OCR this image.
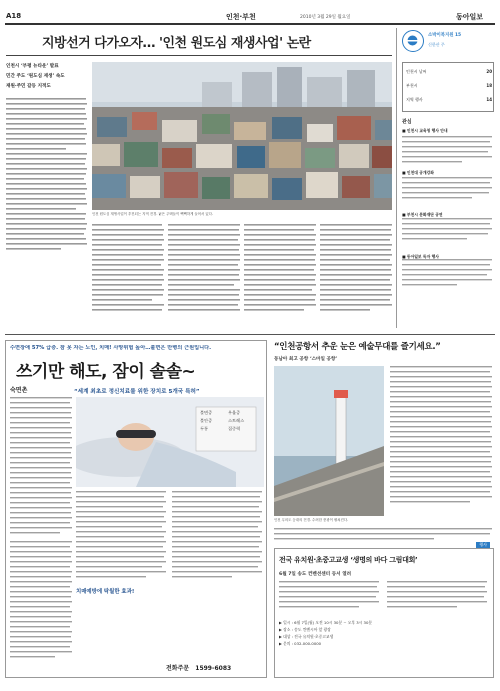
A18	인천·부천	2010년 3월 29일 월요일	동아일보
지방선거 다가오자… '인천 원도심 재생사업' 논란
인천시 ‘부평 뉴타운’ 발표
민간 주도 ‘원도심 재생’ 속도
재원·주민 갈등 지적도
인천 원도심 재생사업이 추진되는 지역 전경. 낡은 주택들이 빽빽하게 들어서 있다.
소박이복지원 15
신한산 주
인천시 날씨	20
부천시	18
지역 행사	14
관심
■ 인천시 교육청 행사 안내
■ 인천대 공개강좌
■ 부천시 문화재단 공연
■ 동아일보 독자 행사
수면장애 57% 급증. 잠 못 자는 노인, 치매! 사망위험 높아…불면은 만병의 근원입니다.
쓰기만 해도, 잠이 솔솔~
숙면촌	“세계 최초로 정신치료를 위한 장치로 5개국 특허”
불면증	우울증
불안증	스트레스
두통	집중력
치매예방에 탁월한 효과!
전화주문 1599-6083
“인천공항서 추운 눈은 예술무대를 즐기세요.”
동남아 최고 공항 ‘스마일 공항’
인천 무의도 등대의 전경. 수려한 풍광이 펼쳐진다.
행사
전국 유치원·초중고교생 ‘생명의 바다 그림대회’
6월 7일 송도 컨벤션센터 등서 열려
▶ 일시 : 6월 7일(월) 오전 10시 30분 ~ 오후 3시 30분
▶ 장소 : 송도 컨벤시아 앞 광장
▶ 대상 : 전국 유치원·초중고교생
▶ 문의 : 032-000-0000
